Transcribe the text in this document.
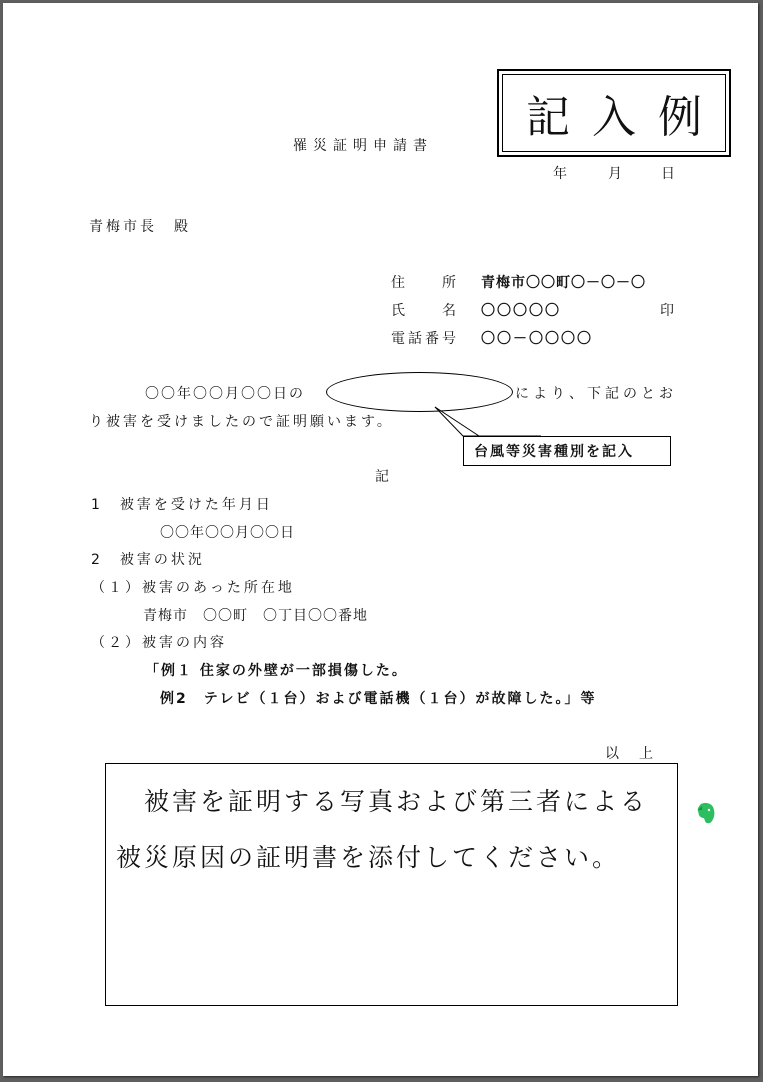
罹災証明申請書
記入例
年	月	日
青梅市長　殿
住　　所 青梅市〇〇町〇－〇－〇
氏　　名 〇〇〇〇〇	印
電話番号 〇〇－〇〇〇〇
〇〇年〇〇月〇〇日の	により、下記のとお
り被害を受けましたので証明願います。
台風等災害種別を記入
記
1　被害を受けた年月日
〇〇年〇〇月〇〇日
2　被害の状況
（１）被害のあった所在地
青梅市　〇〇町　〇丁目〇〇番地
（２）被害の内容
「例１ 住家の外壁が一部損傷した。
例2　テレビ（１台）および電話機（１台）が故障した。」等
以　上
被害を証明する写真および第三者による
被災原因の証明書を添付してください。
